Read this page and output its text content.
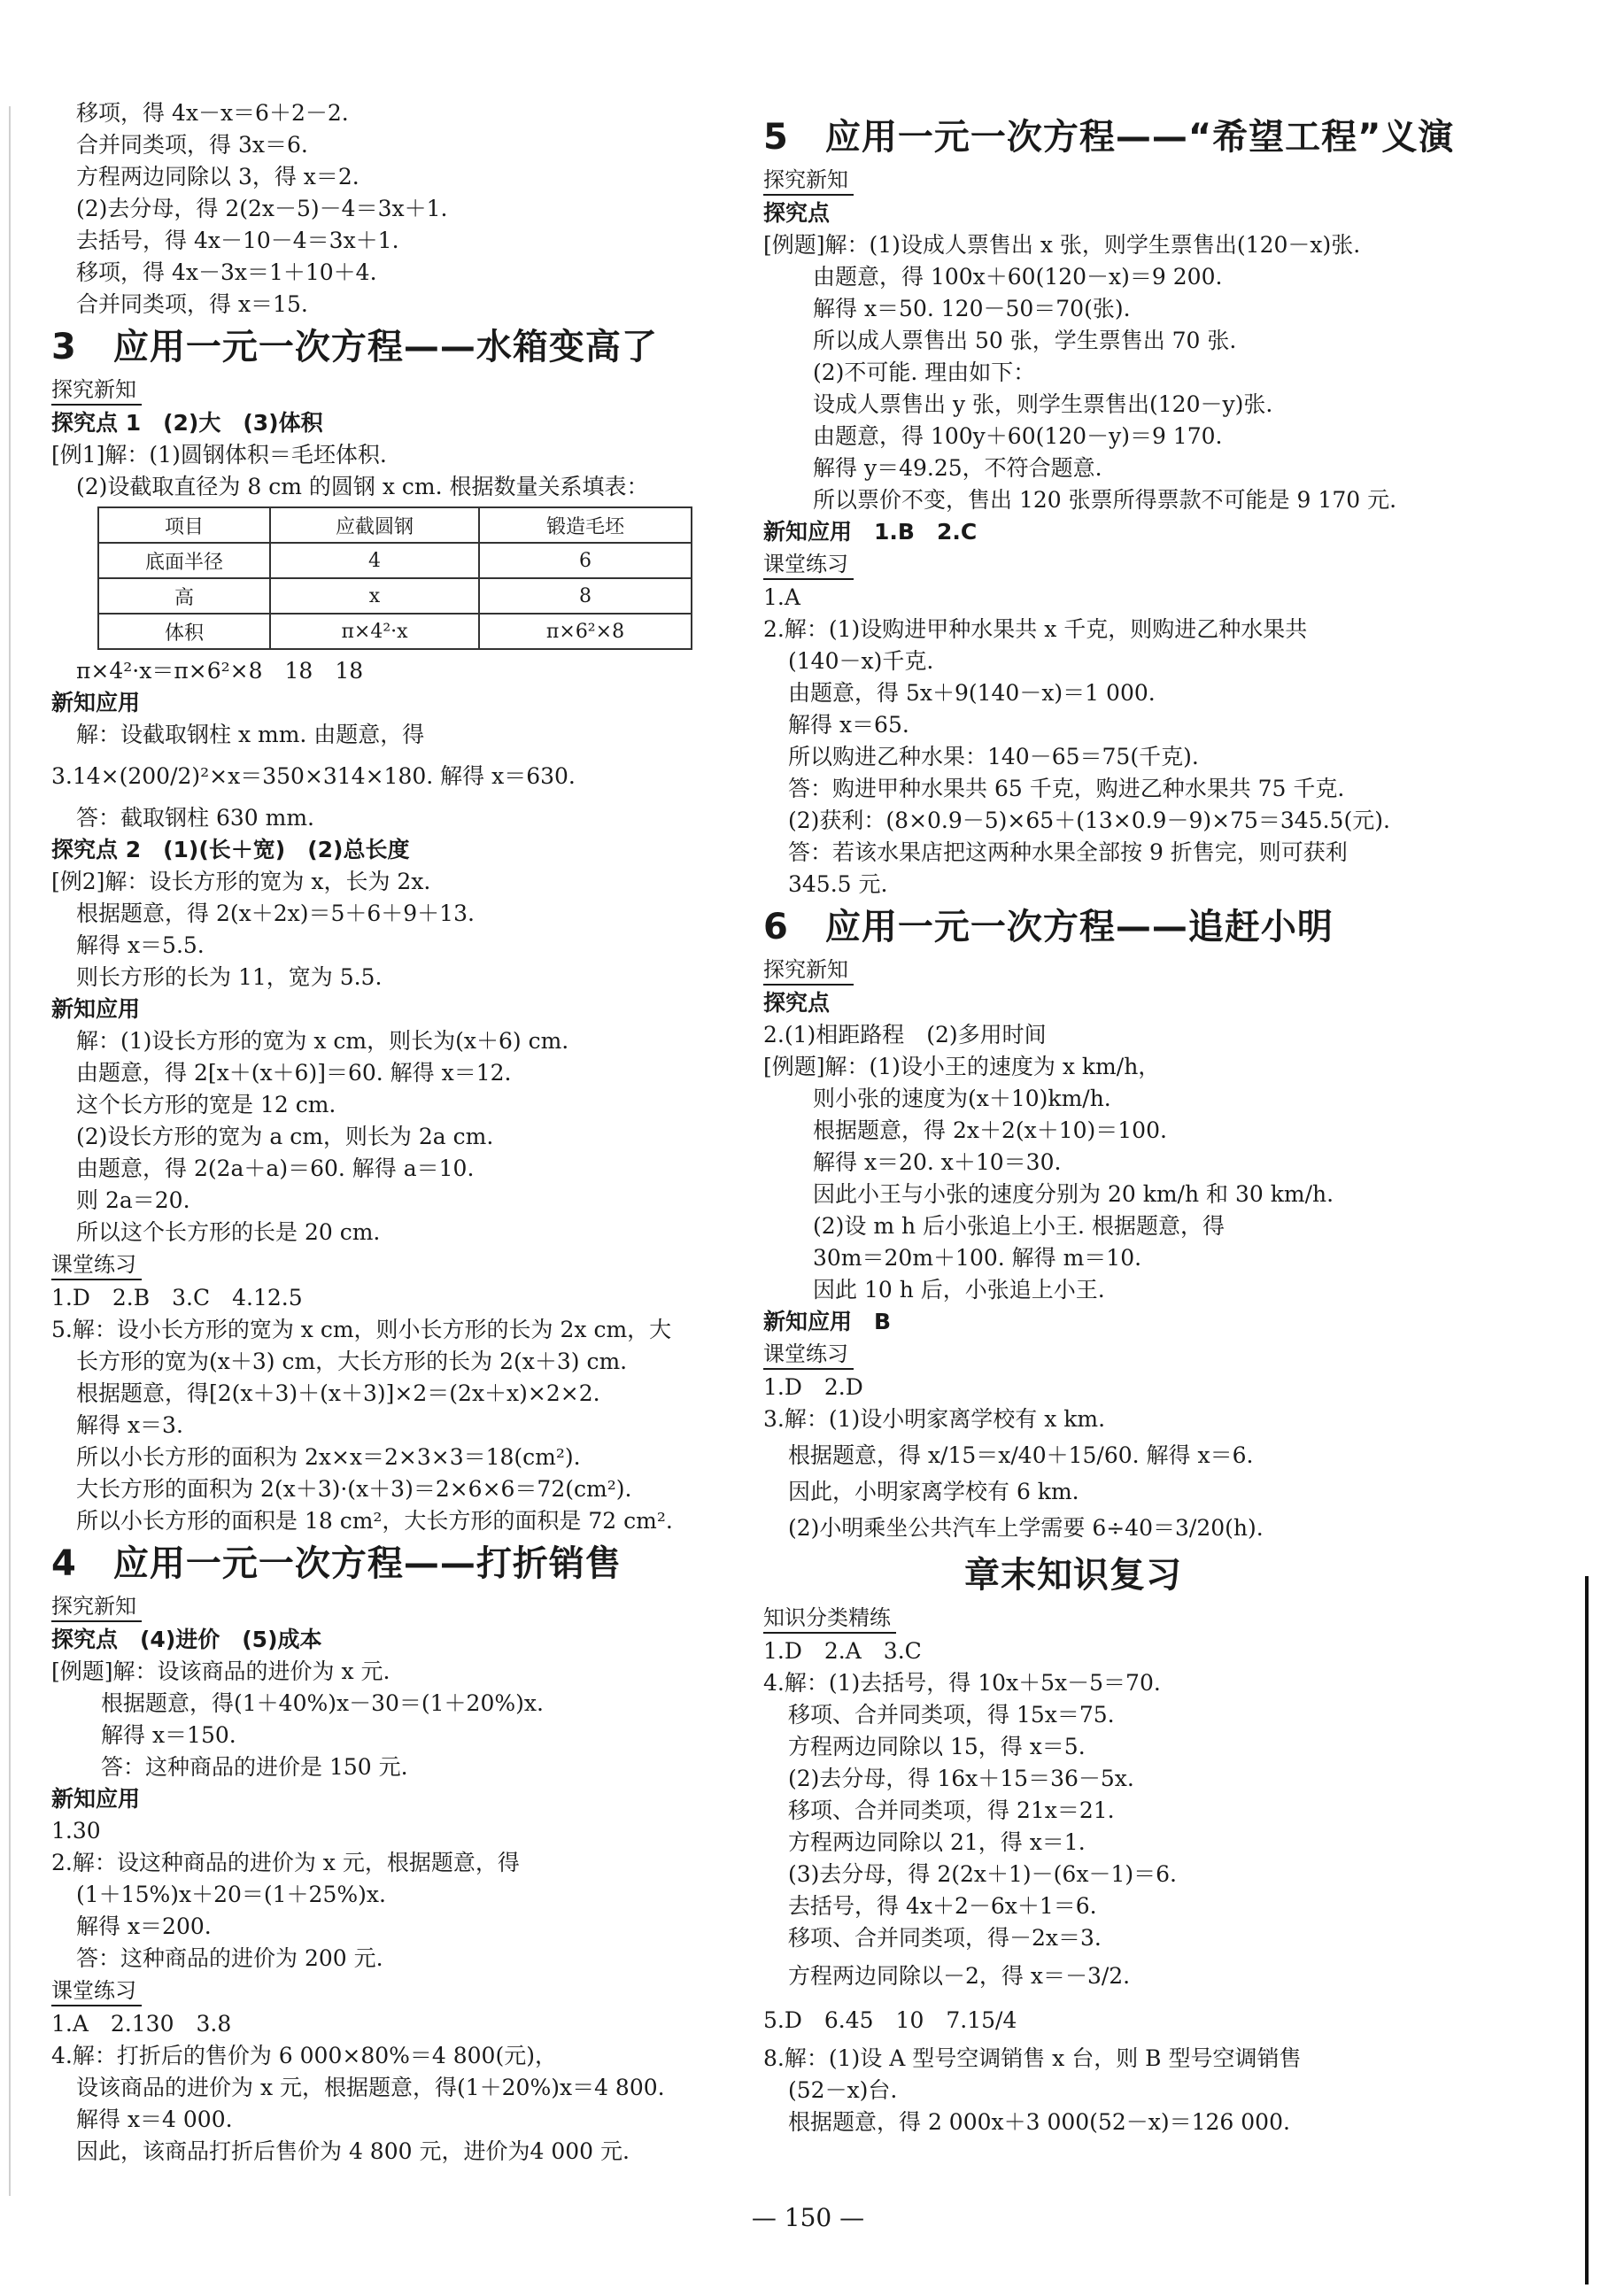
移项，得 4x－x＝6＋2－2.
合并同类项，得 3x＝6.
方程两边同除以 3，得 x＝2.
(2)去分母，得 2(2x－5)－4＝3x＋1.
去括号，得 4x－10－4＝3x＋1.
移项，得 4x－3x＝1＋10＋4.
合并同类项，得 x＝15.
3　应用一元一次方程——水箱变高了
探究新知
探究点 1　(2)大　(3)体积
[例1]解：(1)圆钢体积＝毛坯体积.
(2)设截取直径为 8 cm 的圆钢 x cm. 根据数量关系填表：
项目	应截圆钢	锻造毛坯
底面半径	4	6
高	x	8
体积	π×4²·x	π×6²×8
π×4²·x＝π×6²×8　18　18
新知应用
解：设截取钢柱 x mm. 由题意，得
3.14×(200/2)²×x＝350×314×180. 解得 x＝630.
答：截取钢柱 630 mm.
探究点 2　(1)(长＋宽)　(2)总长度
[例2]解：设长方形的宽为 x，长为 2x.
根据题意，得 2(x＋2x)＝5＋6＋9＋13.
解得 x＝5.5.
则长方形的长为 11，宽为 5.5.
新知应用
解：(1)设长方形的宽为 x cm，则长为(x＋6) cm.
由题意，得 2[x＋(x＋6)]＝60. 解得 x＝12.
这个长方形的宽是 12 cm.
(2)设长方形的宽为 a cm，则长为 2a cm.
由题意，得 2(2a＋a)＝60. 解得 a＝10.
则 2a＝20.
所以这个长方形的长是 20 cm.
课堂练习
1.D　2.B　3.C　4.12.5
5.解：设小长方形的宽为 x cm，则小长方形的长为 2x cm，大
长方形的宽为(x＋3) cm，大长方形的长为 2(x＋3) cm.
根据题意，得[2(x＋3)＋(x＋3)]×2＝(2x＋x)×2×2.
解得 x＝3.
所以小长方形的面积为 2x×x＝2×3×3＝18(cm²).
大长方形的面积为 2(x＋3)·(x＋3)＝2×6×6＝72(cm²).
所以小长方形的面积是 18 cm²，大长方形的面积是 72 cm².
4　应用一元一次方程——打折销售
探究新知
探究点　(4)进价　(5)成本
[例题]解：设该商品的进价为 x 元.
根据题意，得(1＋40%)x－30＝(1＋20%)x.
解得 x＝150.
答：这种商品的进价是 150 元.
新知应用
1.30
2.解：设这种商品的进价为 x 元，根据题意，得
(1＋15%)x＋20＝(1＋25%)x.
解得 x＝200.
答：这种商品的进价为 200 元.
课堂练习
1.A　2.130　3.8
4.解：打折后的售价为 6 000×80%＝4 800(元)，
设该商品的进价为 x 元，根据题意，得(1＋20%)x＝4 800.
解得 x＝4 000.
因此，该商品打折后售价为 4 800 元，进价为4 000 元.
5　应用一元一次方程——“希望工程”义演
探究新知
探究点
[例题]解：(1)设成人票售出 x 张，则学生票售出(120－x)张.
由题意，得 100x＋60(120－x)＝9 200.
解得 x＝50. 120－50＝70(张).
所以成人票售出 50 张，学生票售出 70 张.
(2)不可能. 理由如下：
设成人票售出 y 张，则学生票售出(120－y)张.
由题意，得 100y＋60(120－y)＝9 170.
解得 y＝49.25，不符合题意.
所以票价不变，售出 120 张票所得票款不可能是 9 170 元.
新知应用　1.B　2.C
课堂练习
1.A
2.解：(1)设购进甲种水果共 x 千克，则购进乙种水果共
(140－x)千克.
由题意，得 5x＋9(140－x)＝1 000.
解得 x＝65.
所以购进乙种水果：140－65＝75(千克).
答：购进甲种水果共 65 千克，购进乙种水果共 75 千克.
(2)获利：(8×0.9－5)×65＋(13×0.9－9)×75＝345.5(元).
答：若该水果店把这两种水果全部按 9 折售完，则可获利
345.5 元.
6　应用一元一次方程——追赶小明
探究新知
探究点
2.(1)相距路程　(2)多用时间
[例题]解：(1)设小王的速度为 x km/h，
则小张的速度为(x＋10)km/h.
根据题意，得 2x＋2(x＋10)＝100.
解得 x＝20. x＋10＝30.
因此小王与小张的速度分别为 20 km/h 和 30 km/h.
(2)设 m h 后小张追上小王. 根据题意，得
30m＝20m＋100. 解得 m＝10.
因此 10 h 后，小张追上小王.
新知应用　B
课堂练习
1.D　2.D
3.解：(1)设小明家离学校有 x km.
根据题意，得 x/15＝x/40＋15/60. 解得 x＝6.
因此，小明家离学校有 6 km.
(2)小明乘坐公共汽车上学需要 6÷40＝3/20(h).
章末知识复习
知识分类精练
1.D　2.A　3.C
4.解：(1)去括号，得 10x＋5x－5＝70.
移项、合并同类项，得 15x＝75.
方程两边同除以 15，得 x＝5.
(2)去分母，得 16x＋15＝36－5x.
移项、合并同类项，得 21x＝21.
方程两边同除以 21，得 x＝1.
(3)去分母，得 2(2x＋1)－(6x－1)＝6.
去括号，得 4x＋2－6x＋1＝6.
移项、合并同类项，得－2x＝3.
方程两边同除以－2，得 x＝－3/2.
5.D　6.45　10　7.15/4
8.解：(1)设 A 型号空调销售 x 台，则 B 型号空调销售
(52－x)台.
根据题意，得 2 000x＋3 000(52－x)＝126 000.
— 150 —
